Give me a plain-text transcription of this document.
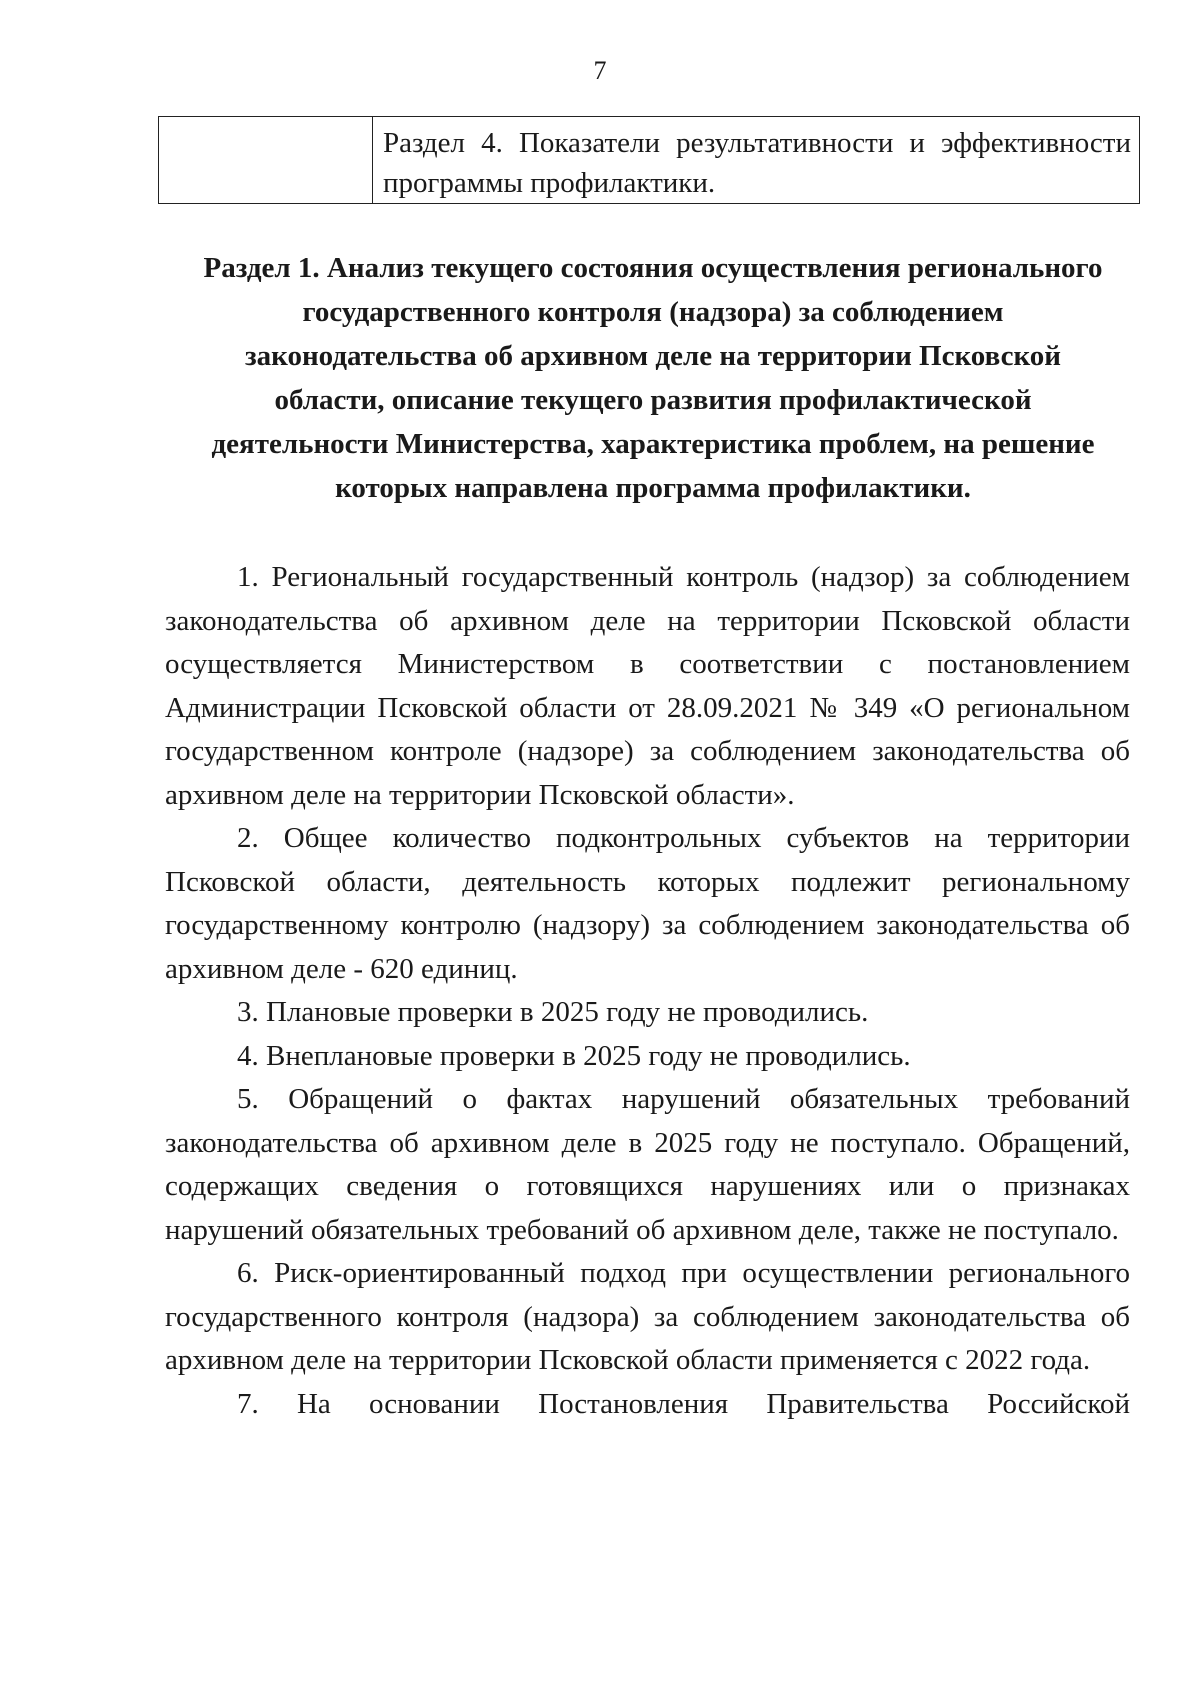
7
	Раздел 4. Показатели результативности и эффективности программы профилактики.
Раздел 1. Анализ текущего состояния осуществления регионального
государственного контроля (надзора) за соблюдением
законодательства об архивном деле на территории Псковской
области, описание текущего развития профилактической
деятельности Министерства, характеристика проблем, на решение
которых направлена программа профилактики.

1. Региональный государственный контроль (надзор) за соблюдением законодательства об архивном деле на территории Псковской области осуществляется Министерством в соответствии с постановлением Администрации Псковской области от 28.09.2021 № 349 «О региональном государственном контроле (надзоре) за соблюдением законодательства об архивном деле на территории Псковской области».

2. Общее количество подконтрольных субъектов на территории Псковской области, деятельность которых подлежит региональному государственному контролю (надзору) за соблюдением законодательства об архивном деле - 620 единиц.

3. Плановые проверки в 2025 году не проводились.

4. Внеплановые проверки в 2025 году не проводились.

5. Обращений о фактах нарушений обязательных требований законодательства об архивном деле в 2025 году не поступало. Обращений, содержащих сведения о готовящихся нарушениях или о признаках нарушений обязательных требований об архивном деле, также не поступало.

6. Риск-ориентированный подход при осуществлении регионального государственного контроля (надзора) за соблюдением законодательства об архивном деле на территории Псковской области применяется с 2022 года.

7. На основании Постановления Правительства Российской
